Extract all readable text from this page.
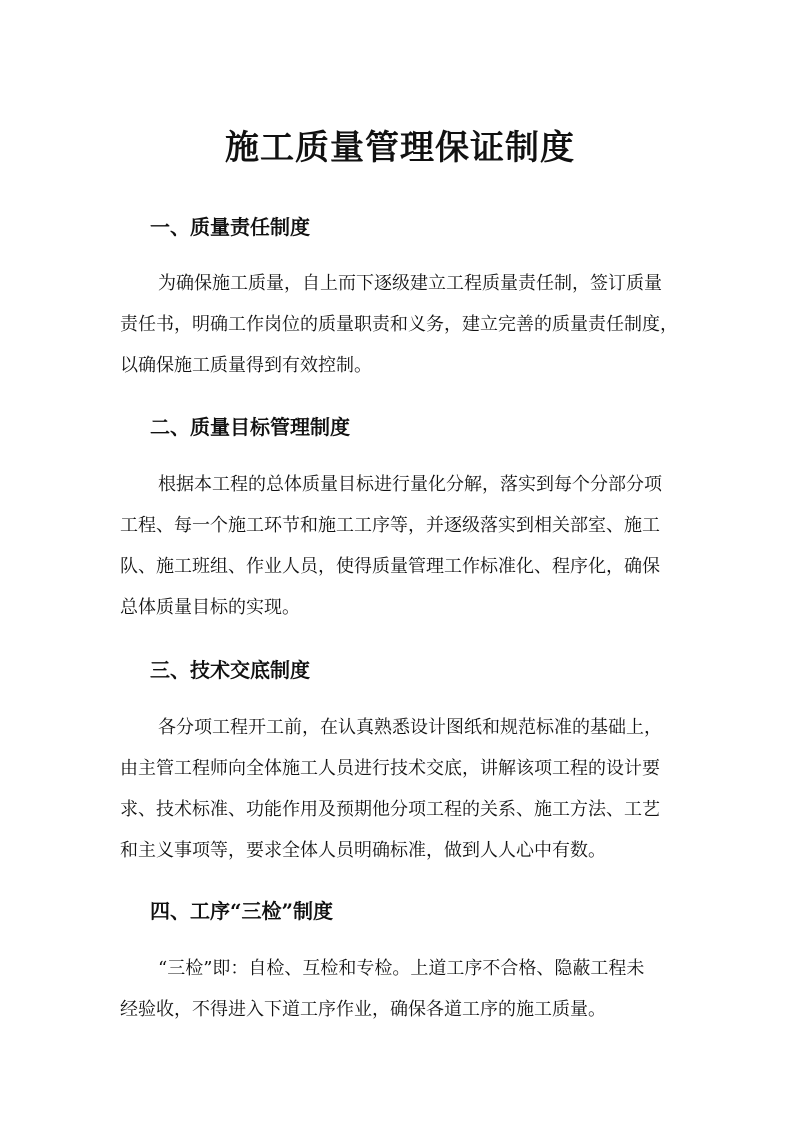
施工质量管理保证制度
一、质量责任制度
为确保施工质量，自上而下逐级建立工程质量责任制，签订质量
责任书，明确工作岗位的质量职责和义务，建立完善的质量责任制度，
以确保施工质量得到有效控制。
二、质量目标管理制度
根据本工程的总体质量目标进行量化分解，落实到每个分部分项
工程、每一个施工环节和施工工序等，并逐级落实到相关部室、施工
队、施工班组、作业人员，使得质量管理工作标准化、程序化，确保
总体质量目标的实现。
三、技术交底制度
各分项工程开工前，在认真熟悉设计图纸和规范标准的基础上，
由主管工程师向全体施工人员进行技术交底，讲解该项工程的设计要
求、技术标准、功能作用及预期他分项工程的关系、施工方法、工艺
和主义事项等，要求全体人员明确标准，做到人人心中有数。
四、工序“三检”制度
“三检”即：自检、互检和专检。上道工序不合格、隐蔽工程未
经验收，不得进入下道工序作业，确保各道工序的施工质量。
